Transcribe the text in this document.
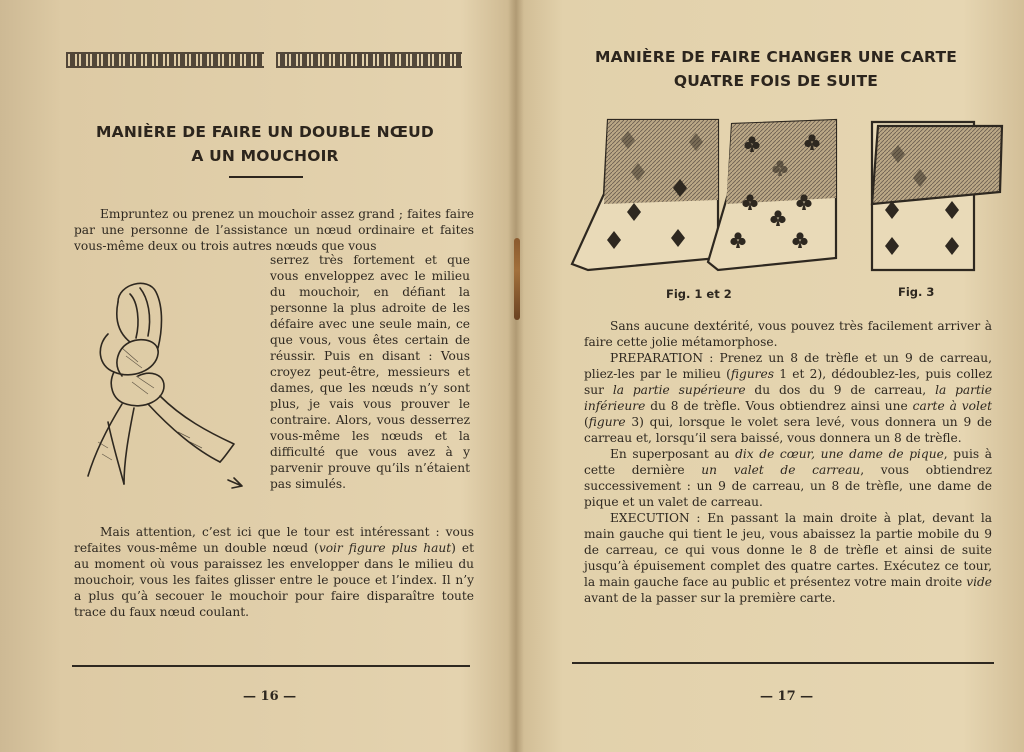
MANIÈRE DE FAIRE UN DOUBLE NŒUD
A UN MOUCHOIR

Empruntez ou prenez un mouchoir assez grand ; faites faire par une personne de l’assistance un nœud ordinaire et faites vous-même deux ou trois autres nœuds que vous

serrez très fortement et que vous enveloppez avec le milieu du mouchoir, en défiant la personne la plus adroite de les défaire avec une seule main, ce que vous, vous êtes certain de réussir. Puis en disant : Vous croyez peut-être, messieurs et dames, que les nœuds n’y sont plus, je vais vous prouver le contraire. Alors, vous desserrez vous-même les nœuds et la difficulté que vous avez à y parvenir prouve qu’ils n’étaient pas simulés.

Mais attention, c’est ici que le tour est intéressant : vous refaites vous-même un double nœud (voir figure plus haut) et au moment où vous paraissez les envelopper dans le milieu du mouchoir, vous les faites glisser entre le pouce et l’index. Il n’y a plus qu’à secouer le mouchoir pour faire disparaître toute trace du faux nœud coulant.

— 16 —
MANIÈRE DE FAIRE CHANGER UNE CARTE
QUATRE FOIS DE SUITE
Fig. 1 et 2	Fig. 3

Sans aucune dextérité, vous pouvez très facilement arriver à faire cette jolie métamorphose.

PREPARATION : Prenez un 8 de trèfle et un 9 de carreau, pliez-les par le milieu (figures 1 et 2), dédoublez-les, puis collez sur la partie supérieure du dos du 9 de carreau, la partie inférieure du 8 de trèfle. Vous obtiendrez ainsi une carte à volet (figure 3) qui, lorsque le volet sera levé, vous donnera un 9 de carreau et, lorsqu’il sera baissé, vous donnera un 8 de trèfle.

En superposant au dix de cœur, une dame de pique, puis à cette dernière un valet de carreau, vous obtiendrez successivement : un 9 de carreau, un 8 de trèfle, une dame de pique et un valet de carreau.

EXECUTION : En passant la main droite à plat, devant la main gauche qui tient le jeu, vous abaissez la partie mobile du 9 de carreau, ce qui vous donne le 8 de trèfle et ainsi de suite jusqu’à épuisement complet des quatre cartes. Exécutez ce tour, la main gauche face au public et présentez votre main droite vide avant de la passer sur la première carte.

— 17 —
